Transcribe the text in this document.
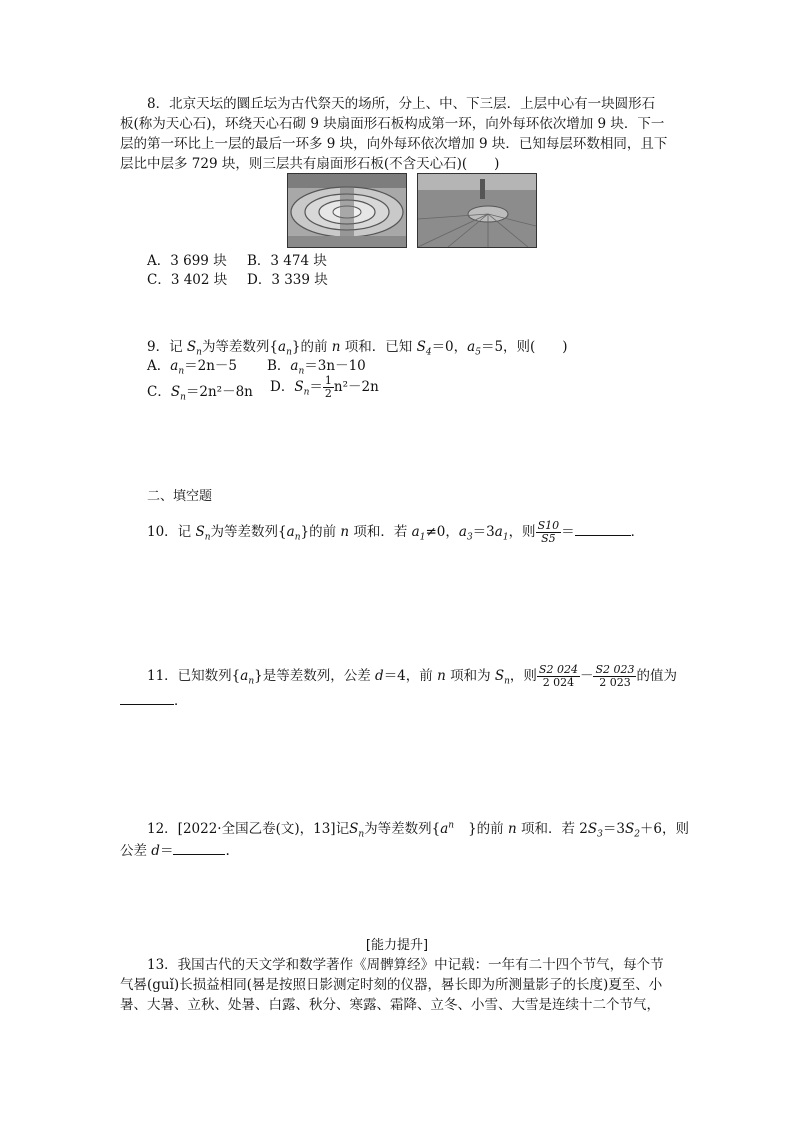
8．北京天坛的圜丘坛为古代祭天的场所，分上、中、下三层．上层中心有一块圆形石
板(称为天心石)，环绕天心石砌 9 块扇面形石板构成第一环，向外每环依次增加 9 块．下一
层的第一环比上一层的最后一环多 9 块，向外每环依次增加 9 块．已知每层环数相同，且下
层比中层多 729 块，则三层共有扇面形石板(不含天心石)(　　)
A．3 699 块 B．3 474 块
C．3 402 块 D．3 339 块
9．记 $S_n$为等差数列$\{a_n\}$的前 n 项和．已知 $S_4=0$，$a_5=5$，则(　　)
A．$a_n=2n-5$ B．$a_n=3n-10$
C．$S_n=2n^2-8n$ D．$S_n= \frac{1}{2} n^2-2n$
二、填空题
10．记 $S_n$为等差数列$\{a_n\}$的前 n 项和．若 $a_1\ne 0$，$a_3=3a_1$，则 $\frac{S10}{S5}$ ＝	．
11．已知数列$\{a_n\}$是等差数列，公差 d＝4，前 n 项和为 $S_n$，则 $\frac{S2 024}{2 024} - \frac{S2 023}{2 023}$ 的值为
．
12．[2022·全国乙卷(文)，13]记$S_n$为等差数列{$a^n$ }的前 n 项和．若 $2S_3=3S_2+6$，则
公差 d＝	.
[能力提升]
13．我国古代的天文学和数学著作《周髀算经》中记载：一年有二十四个节气，每个节
气晷(guǐ)长损益相同(晷是按照日影测定时刻的仪器，晷长即为所测量影子的长度)夏至、小
暑、大暑、立秋、处暑、白露、秋分、寒露、霜降、立冬、小雪、大雪是连续十二个节气，
